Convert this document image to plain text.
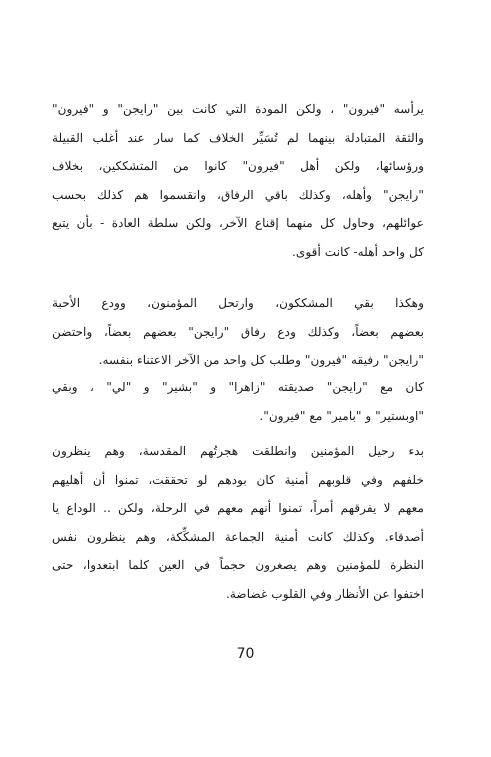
يرأسه "فيرون" ، ولكن المودة التي كانت بين "رايجن" و "فيرون"
والثقة المتبادلة بينهما لم تُسَيِّر الخلاف كما سار عند أغلب القبيلة
ورؤسائها، ولكن أهل "فيرون" كانوا من المتشككين، بخلاف
"رايجن" وأهله، وكذلك باقي الرفاق، وانقسموا هم كذلك بحسب
عوائلهم، وحاول كل منهما إقناع الآخر، ولكن سلطة العادة - بأن يتبع
كل واحد أهله- كانت أقوى.
وهكذا بقي المشككون، وارتحل المؤمنون، وودع الأحبة
بعضهم بعضاً، وكذلك ودع رفاق "رايجن" بعضهم بعضاً، واحتضن
"رايجن" رفيقه "فيرون" وطلب كل واحد من الآخر الاعتناء بنفسه.
كان مع "رايجن" صديقته "زاهرا" و "بشير" و "لي" ، وبقي
"اوبستير" و "بامير" مع "فيرون".
بدء رحيل المؤمنين وانطلقت هجرتُهم المقدسة، وهم ينظرون
خلفهم وفي قلوبهم أمنية كان بودهم لو تحققت، تمنوا أن أهليهم
معهم لا يفرقهم أمراً، تمنوا أنهم معهم في الرحلة، ولكن .. الوداع يا
أصدقاء. وكذلك كانت أمنية الجماعة المشكِّكة، وهم ينظرون نفس
النظرة للمؤمنين وهم يصغرون حجماً في العين كلما ابتعدوا، حتى
اختفوا عن الأنظار وفي القلوب غضاضة.
70
